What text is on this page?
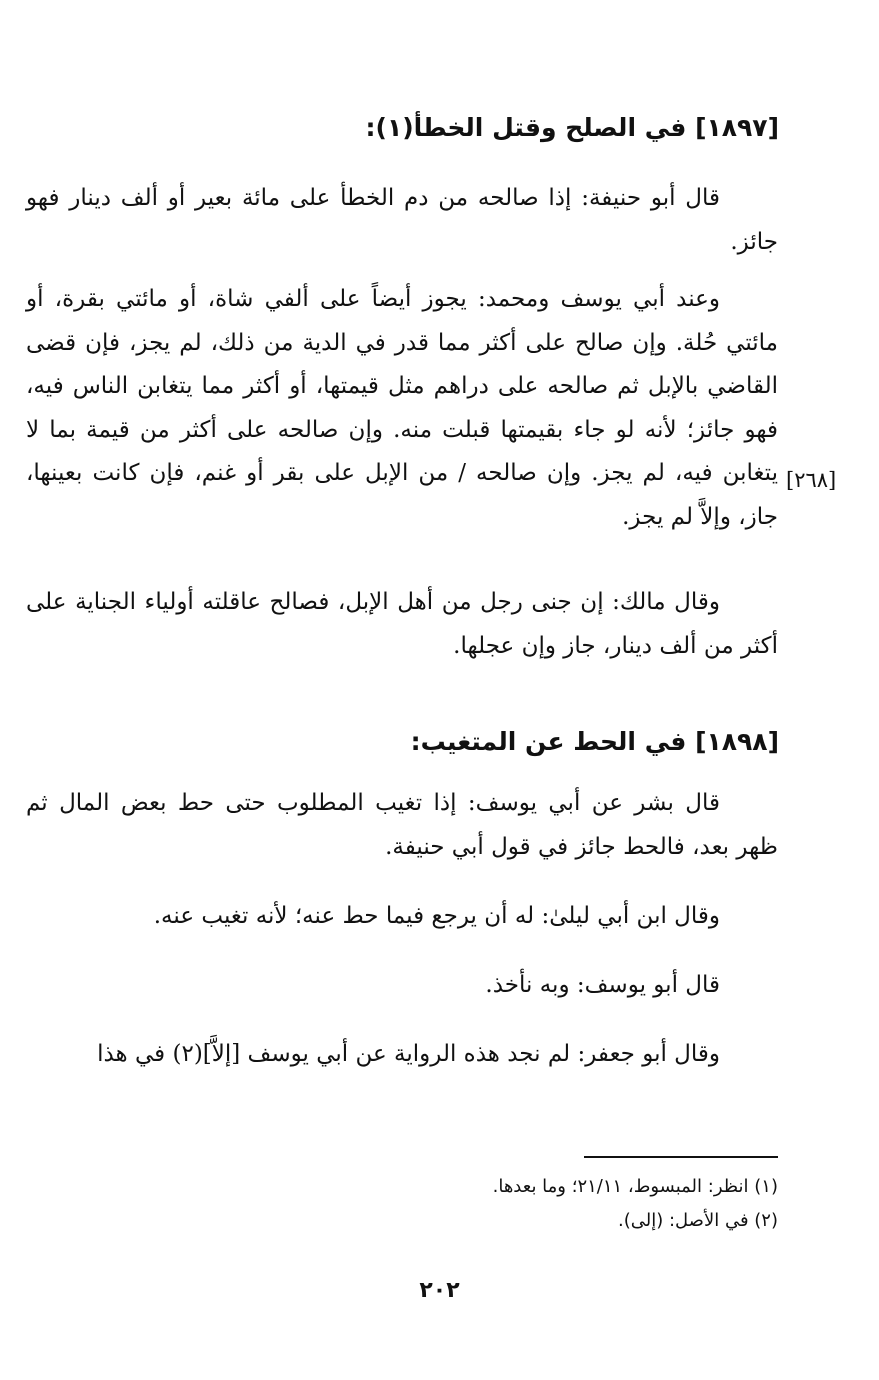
[١٨٩٧] في الصلح وقتل الخطأ(١):
قال أبو حنيفة: إذا صالحه من دم الخطأ على مائة بعير أو ألف دينار فهو جائز.
وعند أبي يوسف ومحمد: يجوز أيضاً على ألفي شاة، أو مائتي بقرة، أو مائتي حُلة. وإن صالح على أكثر مما قدر في الدية من ذلك، لم يجز، فإن قضى القاضي بالإبل ثم صالحه على دراهم مثل قيمتها، أو أكثر مما يتغابن الناس فيه، فهو جائز؛ لأنه لو جاء بقيمتها قبلت منه. وإن صالحه على أكثر من قيمة بما لا يتغابن فيه، لم يجز. وإن صالحه / من الإبل على بقر أو غنم، فإن كانت بعينها، جاز، وإلاَّ لم يجز.
[٢٦٨]
وقال مالك: إن جنى رجل من أهل الإبل، فصالح عاقلته أولياء الجناية على أكثر من ألف دينار، جاز وإن عجلها.
[١٨٩٨] في الحط عن المتغيب:
قال بشر عن أبي يوسف: إذا تغيب المطلوب حتى حط بعض المال ثم ظهر بعد، فالحط جائز في قول أبي حنيفة.
وقال ابن أبي ليلىٰ: له أن يرجع فيما حط عنه؛ لأنه تغيب عنه.
قال أبو يوسف: وبه نأخذ.
وقال أبو جعفر: لم نجد هذه الرواية عن أبي يوسف [إلاَّ](٢) في هذا
(١) انظر: المبسوط، ٢١/١١؛ وما بعدها.
(٢) في الأصل: (إلى).
٢٠٢
